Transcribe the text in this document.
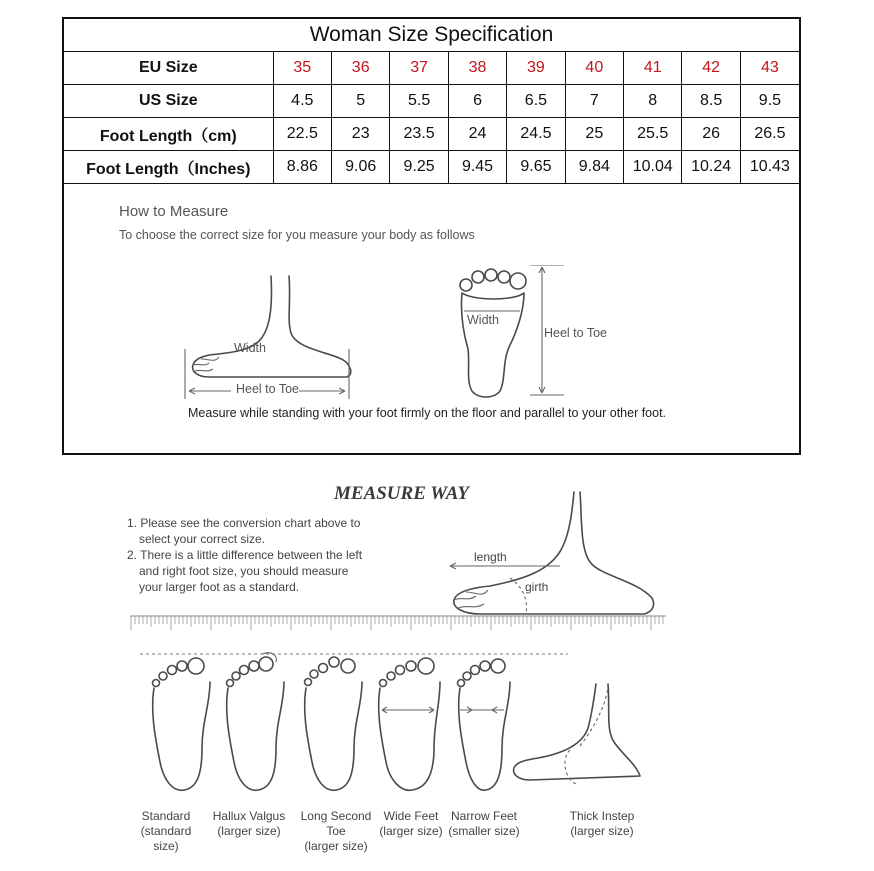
Woman Size Specification									
EU Size	35	36	37	38	39	40	41	42	43
US Size	4.5	5	5.5	6	6.5	7	8	8.5	9.5
Foot Length（cm)	22.5	23	23.5	24	24.5	25	25.5	26	26.5
Foot Length（Inches)	8.86	9.06	9.25	9.45	9.65	9.84	10.04	10.24	10.43
How to Measure
To choose the correct size for you measure your body as follows
Width
Heel to Toe
Width
Heel to Toe
Measure while standing with your foot firmly on the floor and parallel to your other foot.
MEASURE WAY
1. Please see the conversion chart above to
select your correct size.
2. There is a little difference between the left
and right foot size, you should measure
your larger foot as a standard.
length
girth
Standard
(standard size)
Hallux Valgus
(larger size)
Long Second Toe
(larger size)
Wide Feet
(larger size)
Narrow Feet
(smaller size)
Thick Instep
(larger size)
